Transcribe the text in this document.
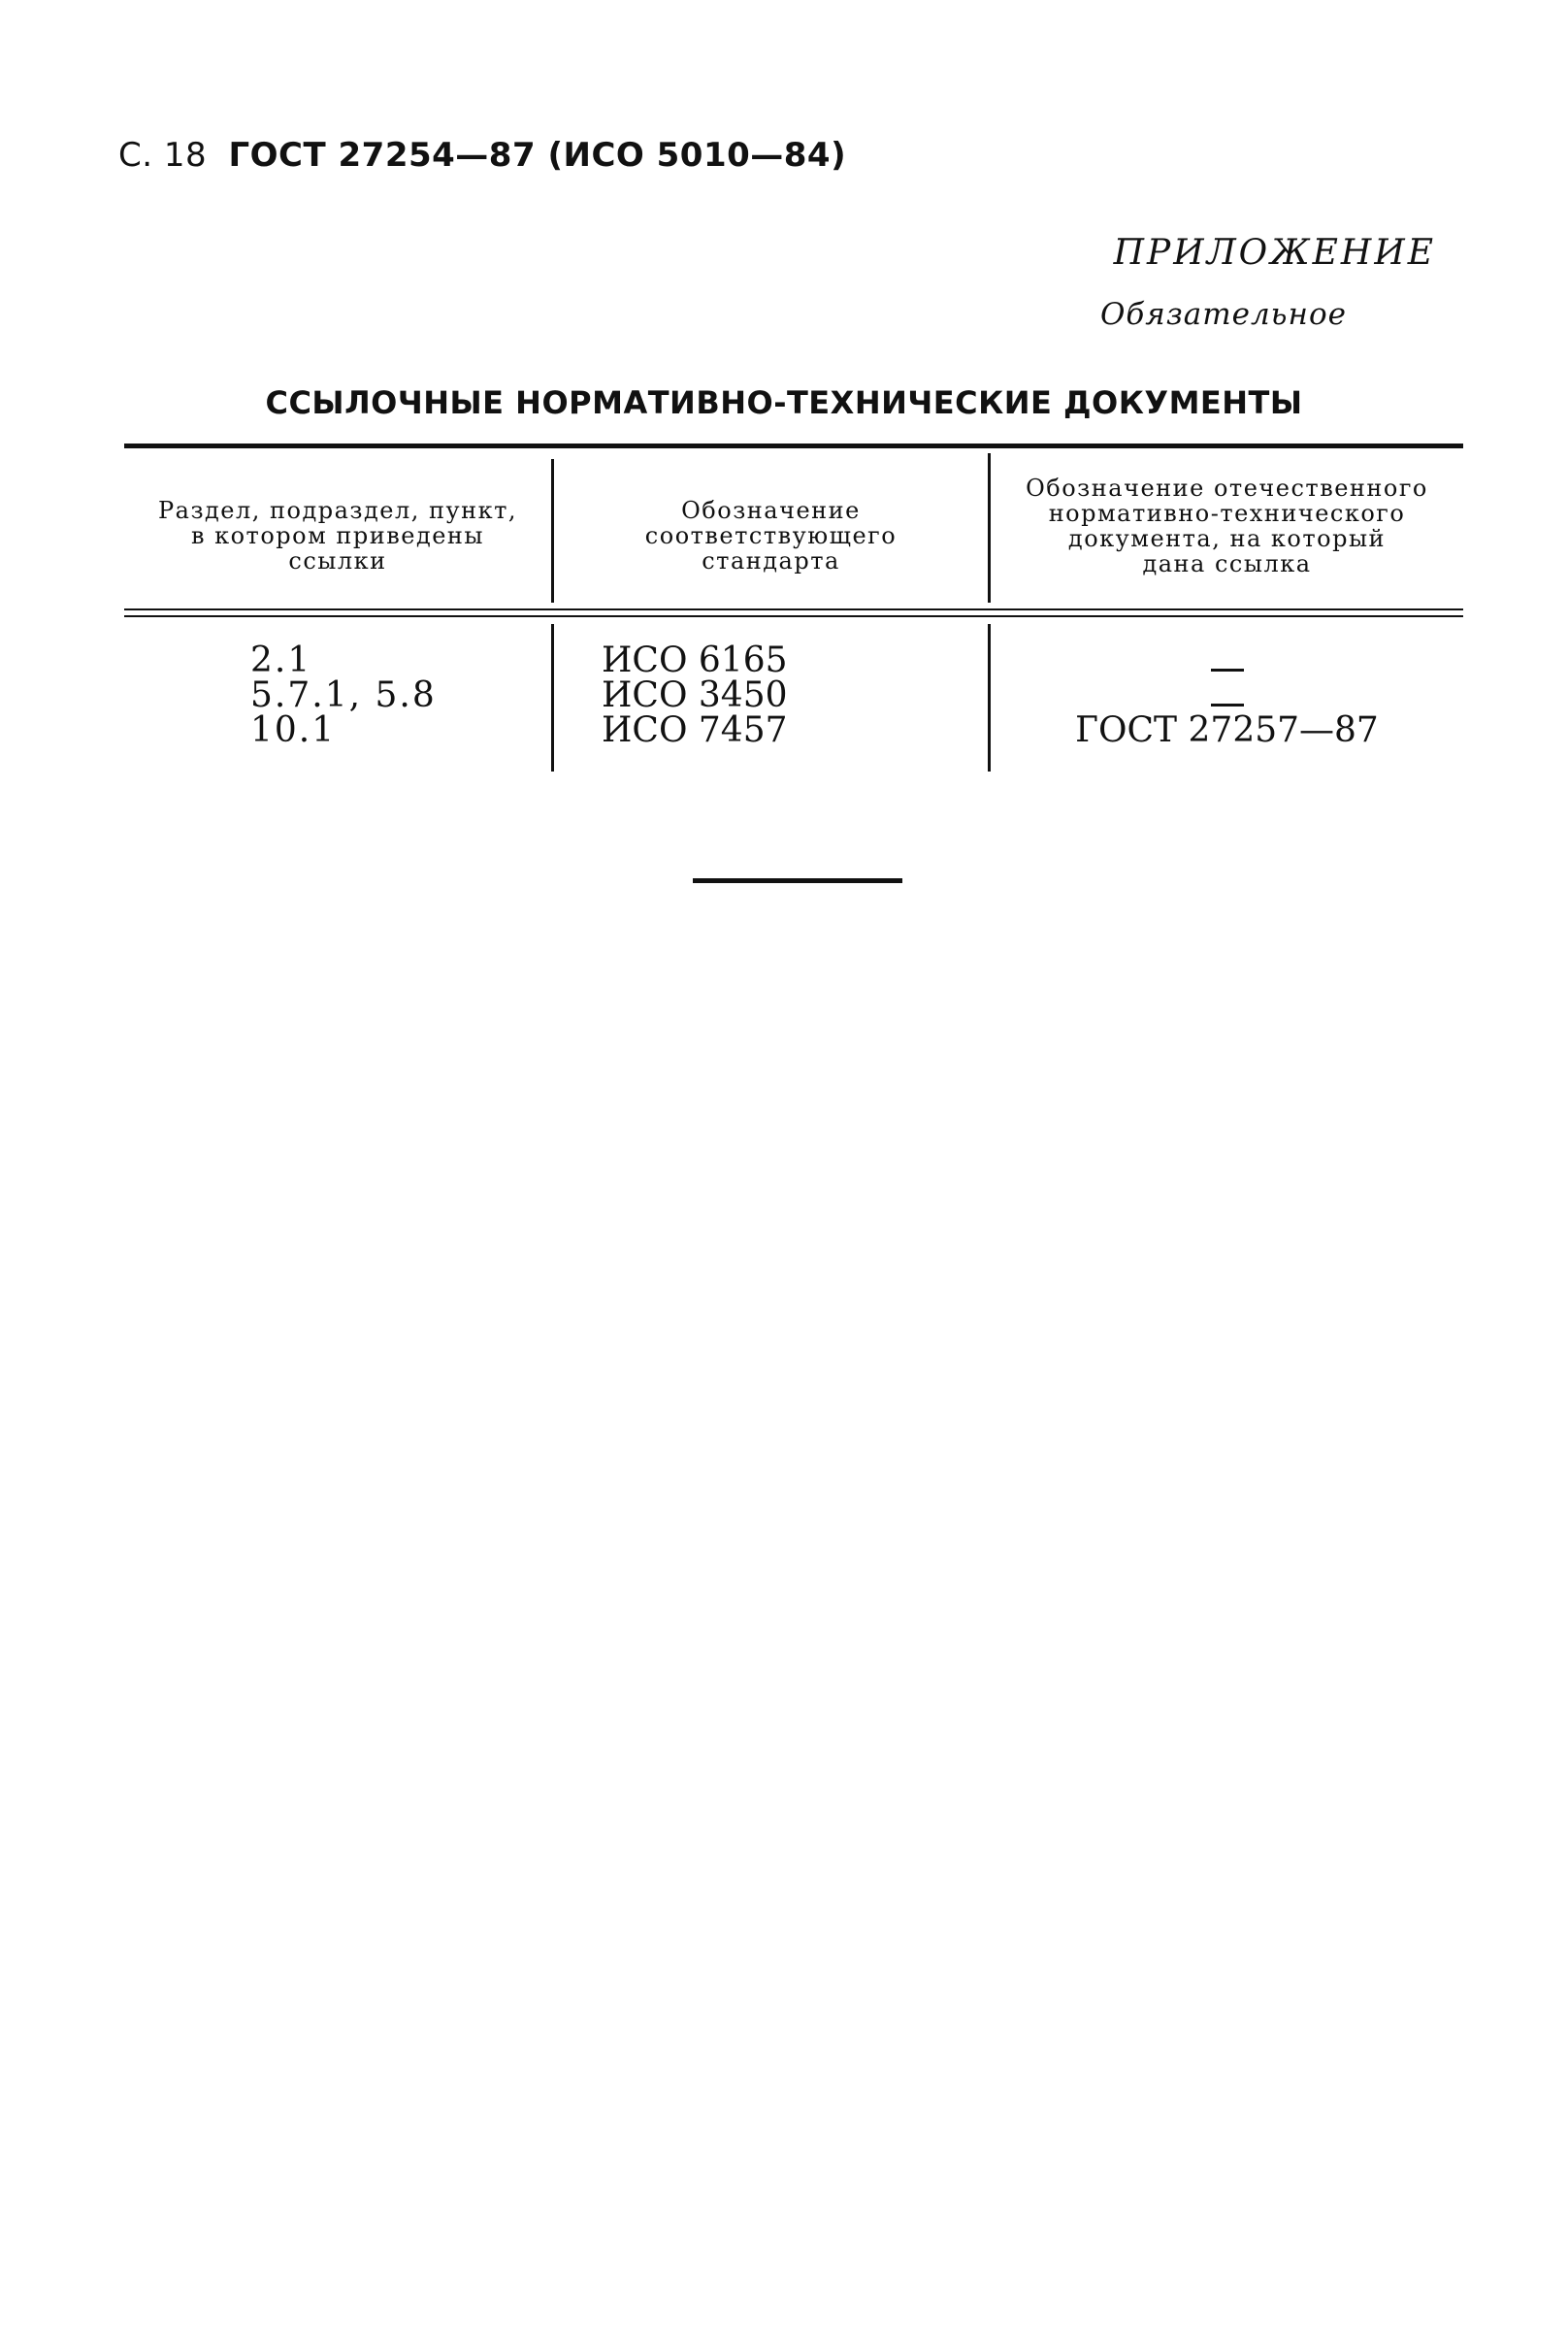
С. 18 ГОСТ 27254—87 (ИСО 5010—84)
ПРИЛОЖЕНИЕ
Обязательное
ССЫЛОЧНЫЕ НОРМАТИВНО-ТЕХНИЧЕСКИЕ ДОКУМЕНТЫ
Раздел, подраздел, пункт,
в котором приведены
ссылки
Обозначение
соответствующего
стандарта
Обозначение отечественного
нормативно-технического
документа, на который
дана ссылка
2.1
5.7.1, 5.8
10.1
ИСО 6165
ИСО 3450
ИСО 7457	ГОСТ 27257—87
